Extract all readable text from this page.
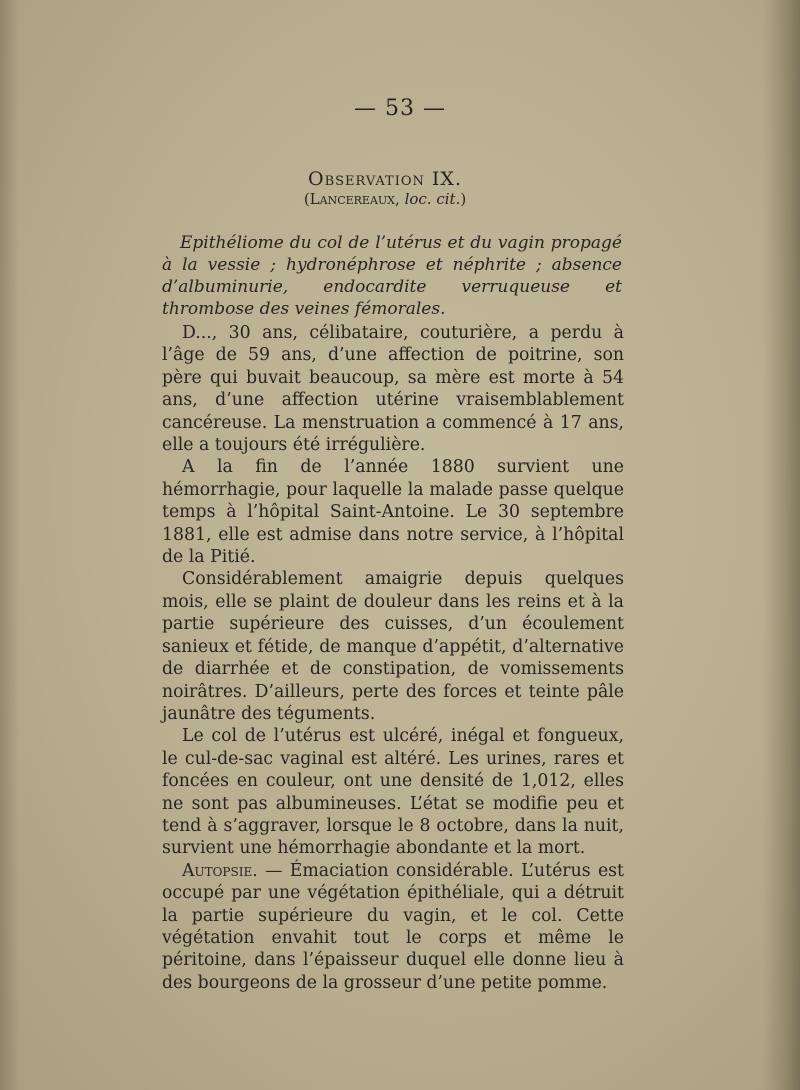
— 53 —
Observation IX.
(Lancereaux, loc. cit.)
Epithéliome du col de l’utérus et du vagin propagé à la vessie ; hydronéphrose et néphrite ; absence d’albuminurie, endocardite verruqueuse et thrombose des veines fémorales.

D..., 30 ans, célibataire, couturière, a perdu à l’âge de 59 ans, d’une affection de poitrine, son père qui buvait beaucoup, sa mère est morte à 54 ans, d’une affection utérine vraisemblablement cancéreuse. La menstruation a commencé à 17 ans, elle a toujours été irrégulière.

A la fin de l’année 1880 survient une hémorrhagie, pour laquelle la malade passe quelque temps à l’hôpital Saint-Antoine. Le 30 septembre 1881, elle est admise dans notre service, à l’hôpital de la Pitié.

Considérablement amaigrie depuis quelques mois, elle se plaint de douleur dans les reins et à la partie supérieure des cuisses, d’un écoulement sanieux et fétide, de manque d’appétit, d’alternative de diarrhée et de constipation, de vomissements noirâtres. D’ailleurs, perte des forces et teinte pâle jaunâtre des téguments.

Le col de l’utérus est ulcéré, inégal et fongueux, le cul-de-sac vaginal est altéré. Les urines, rares et foncées en couleur, ont une densité de 1,012, elles ne sont pas albumineuses. L’état se modifie peu et tend à s’aggraver, lorsque le 8 octobre, dans la nuit, survient une hémorrhagie abondante et la mort.

Autopsie. — Émaciation considérable. L’utérus est occupé par une végétation épithéliale, qui a détruit la partie supérieure du vagin, et le col. Cette végétation envahit tout le corps et même le péritoine, dans l’épaisseur duquel elle donne lieu à des bourgeons de la grosseur d’une petite pomme.
